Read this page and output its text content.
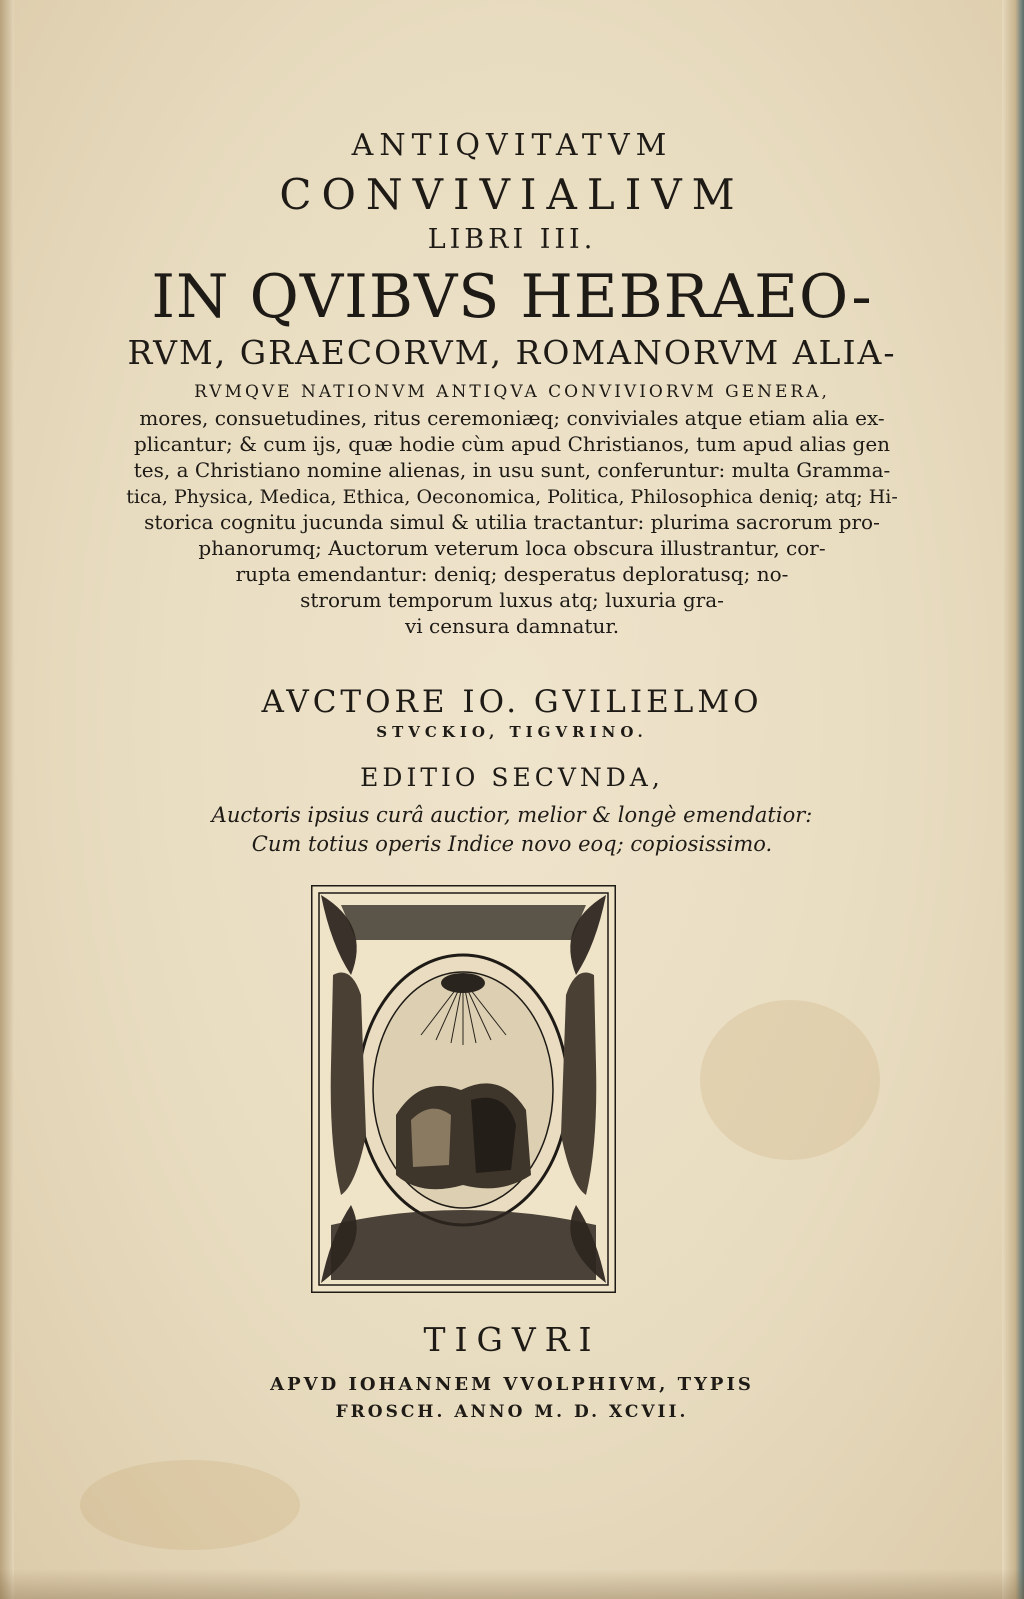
ANTIQVITATVM
CONVIVIALIVM
LIBRI III.
IN QVIBVS HEBRAEO-
RVM, GRAECORVM, ROMANORVM ALIA-
RVMQVE NATIONVM ANTIQVA CONVIVIORVM GENERA,
mores, consuetudines, ritus ceremoniæq; conviviales atque etiam alia ex-
plicantur; & cum ijs, quæ hodie cùm apud Christianos, tum apud alias gen
tes, a Christiano nomine alienas, in usu sunt, conferuntur: multa Gramma-
tica, Physica, Medica, Ethica, Oeconomica, Politica, Philosophica deniq; atq; Hi-
storica cognitu jucunda simul & utilia tractantur: plurima sacrorum pro-
phanorumq; Auctorum veterum loca obscura illustrantur, cor-
rupta emendantur: deniq; desperatus deploratusq; no-
strorum temporum luxus atq; luxuria gra-
vi censura damnatur.
AVCTORE IO. GVILIELMO
STVCKIO, TIGVRINO.
EDITIO SECVNDA,
Auctoris ipsius curâ auctior, melior & longè emendatior:
Cum totius operis Indice novo eoq; copiosissimo.
TIGVRI
APVD IOHANNEM VVOLPHIVM, TYPIS
FROSCH. ANNO M. D. XCVII.
